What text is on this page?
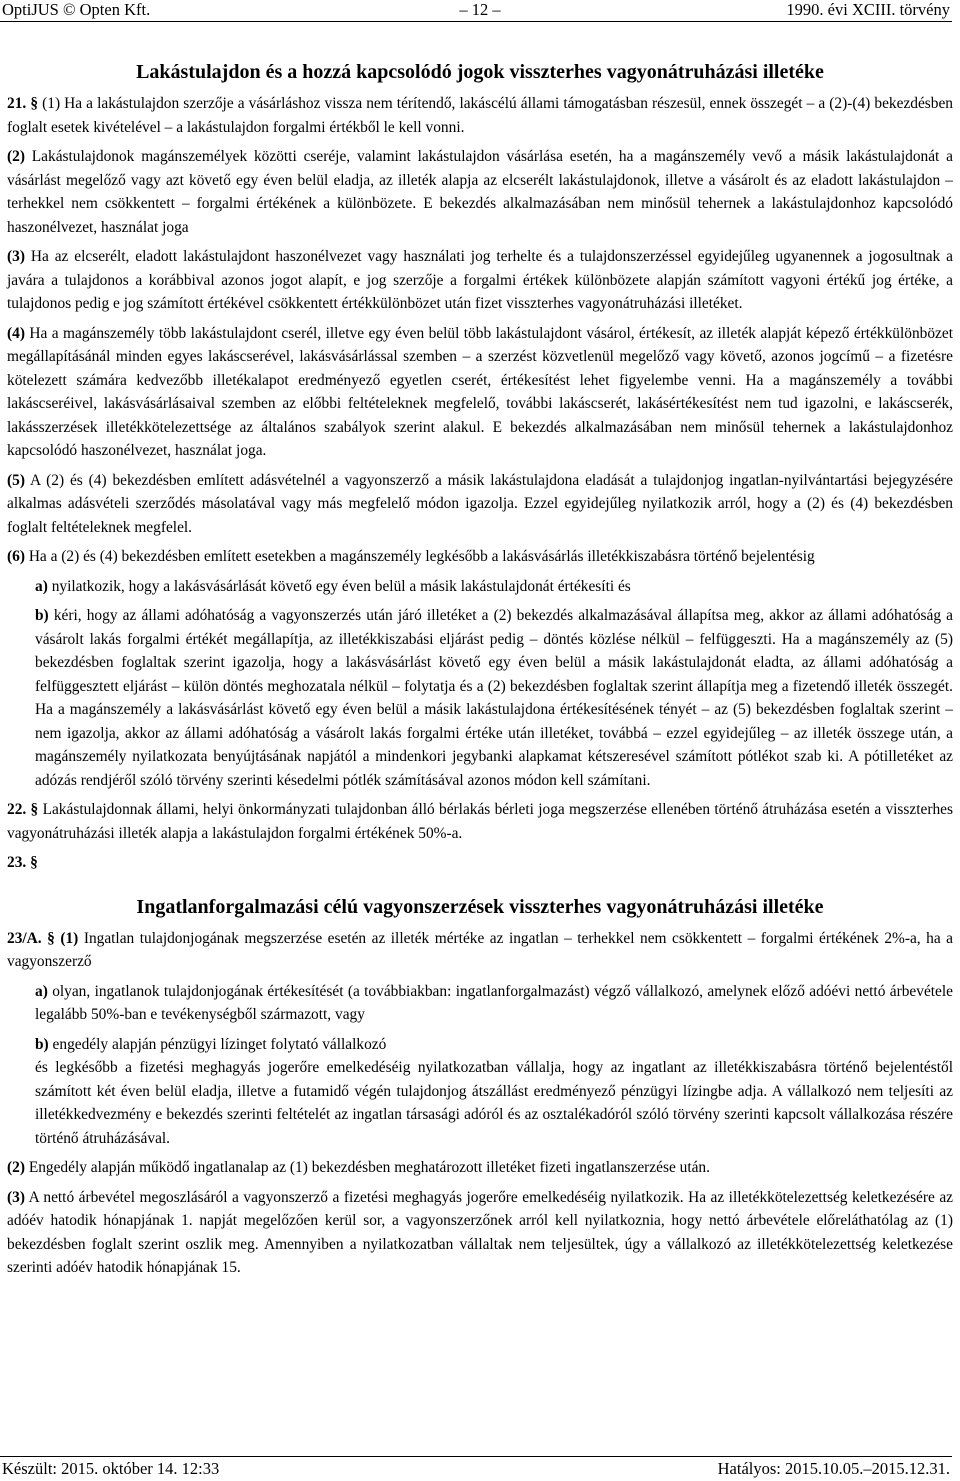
OptiJUS © Opten Kft.	– 12 –	1990. évi XCIII. törvény
Lakástulajdon és a hozzá kapcsolódó jogok visszterhes vagyonátruházási illetéke

21. § (1) Ha a lakástulajdon szerzője a vásárláshoz vissza nem térítendő, lakáscélú állami támogatásban részesül, ennek összegét – a (2)-(4) bekezdésben foglalt esetek kivételével – a lakástulajdon forgalmi értékből le kell vonni.

(2) Lakástulajdonok magánszemélyek közötti cseréje, valamint lakástulajdon vásárlása esetén, ha a magánszemély vevő a másik lakástulajdonát a vásárlást megelőző vagy azt követő egy éven belül eladja, az illeték alapja az elcserélt lakástulajdonok, illetve a vásárolt és az eladott lakástulajdon – terhekkel nem csökkentett – forgalmi értékének a különbözete. E bekezdés alkalmazásában nem minősül tehernek a lakástulajdonhoz kapcsolódó haszonélvezet, használat joga

(3) Ha az elcserélt, eladott lakástulajdont haszonélvezet vagy használati jog terhelte és a tulajdonszerzéssel egyidejűleg ugyanennek a jogosultnak a javára a tulajdonos a korábbival azonos jogot alapít, e jog szerzője a forgalmi értékek különbözete alapján számított vagyoni értékű jog értéke, a tulajdonos pedig e jog számított értékével csökkentett értékkülönbözet után fizet visszterhes vagyonátruházási illetéket.

(4) Ha a magánszemély több lakástulajdont cserél, illetve egy éven belül több lakástulajdont vásárol, értékesít, az illeték alapját képező értékkülönbözet megállapításánál minden egyes lakáscserével, lakásvásárlással szemben – a szerzést közvetlenül megelőző vagy követő, azonos jogcímű – a fizetésre kötelezett számára kedvezőbb illetékalapot eredményező egyetlen cserét, értékesítést lehet figyelembe venni. Ha a magánszemély a további lakáscseréivel, lakásvásárlásaival szemben az előbbi feltételeknek megfelelő, további lakáscserét, lakásértékesítést nem tud igazolni, e lakáscserék, lakásszerzések illetékkötelezettsége az általános szabályok szerint alakul. E bekezdés alkalmazásában nem minősül tehernek a lakástulajdonhoz kapcsolódó haszonélvezet, használat joga.

(5) A (2) és (4) bekezdésben említett adásvételnél a vagyonszerző a másik lakástulajdona eladását a tulajdonjog ingatlan-nyilvántartási bejegyzésére alkalmas adásvételi szerződés másolatával vagy más megfelelő módon igazolja. Ezzel egyidejűleg nyilatkozik arról, hogy a (2) és (4) bekezdésben foglalt feltételeknek megfelel.

(6) Ha a (2) és (4) bekezdésben említett esetekben a magánszemély legkésőbb a lakásvásárlás illetékkiszabásra történő bejelentésig

a) nyilatkozik, hogy a lakásvásárlását követő egy éven belül a másik lakástulajdonát értékesíti és

b) kéri, hogy az állami adóhatóság a vagyonszerzés után járó illetéket a (2) bekezdés alkalmazásával állapítsa meg, akkor az állami adóhatóság a vásárolt lakás forgalmi értékét megállapítja, az illetékkiszabási eljárást pedig – döntés közlése nélkül – felfüggeszti. Ha a magánszemély az (5) bekezdésben foglaltak szerint igazolja, hogy a lakásvásárlást követő egy éven belül a másik lakástulajdonát eladta, az állami adóhatóság a felfüggesztett eljárást – külön döntés meghozatala nélkül – folytatja és a (2) bekezdésben foglaltak szerint állapítja meg a fizetendő illeték összegét. Ha a magánszemély a lakásvásárlást követő egy éven belül a másik lakástulajdona értékesítésének tényét – az (5) bekezdésben foglaltak szerint – nem igazolja, akkor az állami adóhatóság a vásárolt lakás forgalmi értéke után illetéket, továbbá – ezzel egyidejűleg – az illeték összege után, a magánszemély nyilatkozata benyújtásának napjától a mindenkori jegybanki alapkamat kétszeresével számított pótlékot szab ki. A pótilletéket az adózás rendjéről szóló törvény szerinti késedelmi pótlék számításával azonos módon kell számítani.

22. § Lakástulajdonnak állami, helyi önkormányzati tulajdonban álló bérlakás bérleti joga megszerzése ellenében történő átruházása esetén a visszterhes vagyonátruházási illeték alapja a lakástulajdon forgalmi értékének 50%-a.

23. §

Ingatlanforgalmazási célú vagyonszerzések visszterhes vagyonátruházási illetéke

23/A. § (1) Ingatlan tulajdonjogának megszerzése esetén az illeték mértéke az ingatlan – terhekkel nem csökkentett – forgalmi értékének 2%-a, ha a vagyonszerző

a) olyan, ingatlanok tulajdonjogának értékesítését (a továbbiakban: ingatlanforgalmazást) végző vállalkozó, amelynek előző adóévi nettó árbevétele legalább 50%-ban e tevékenységből származott, vagy

b) engedély alapján pénzügyi lízinget folytató vállalkozó
és legkésőbb a fizetési meghagyás jogerőre emelkedéséig nyilatkozatban vállalja, hogy az ingatlant az illetékkiszabásra történő bejelentéstől számított két éven belül eladja, illetve a futamidő végén tulajdonjog átszállást eredményező pénzügyi lízingbe adja. A vállalkozó nem teljesíti az illetékkedvezmény e bekezdés szerinti feltételét az ingatlan társasági adóról és az osztalékadóról szóló törvény szerinti kapcsolt vállalkozása részére történő átruházásával.

(2) Engedély alapján működő ingatlanalap az (1) bekezdésben meghatározott illetéket fizeti ingatlanszerzése után.

(3) A nettó árbevétel megoszlásáról a vagyonszerző a fizetési meghagyás jogerőre emelkedéséig nyilatkozik. Ha az illetékkötelezettség keletkezésére az adóév hatodik hónapjának 1. napját megelőzően kerül sor, a vagyonszerzőnek arról kell nyilatkoznia, hogy nettó árbevétele előreláthatólag az (1) bekezdésben foglalt szerint oszlik meg. Amennyiben a nyilatkozatban vállaltak nem teljesültek, úgy a vállalkozó az illetékkötelezettség keletkezése szerinti adóév hatodik hónapjának 15.

Készült: 2015. október 14. 12:33	Hatályos: 2015.10.05.–2015.12.31.
